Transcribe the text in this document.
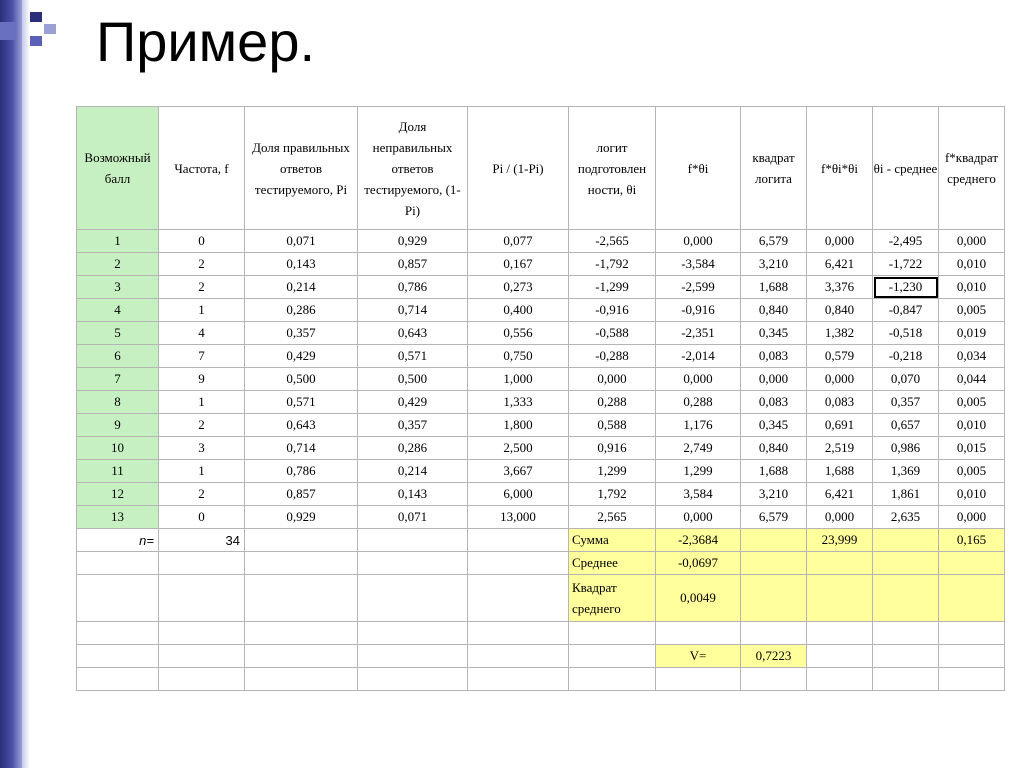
Пример.
Возможный балл	Частота, f	Доля правильных ответов тестируемого, Pi	Доля неправильных ответов тестируемого, (1-Pi)	Pi / (1-Pi)	логит подготовлен ности, θi	f*θi	квадрат логита	f*θi*θi	θi - среднее	f*квадрат среднего
1	0	0,071	0,929	0,077	-2,565	0,000	6,579	0,000	-2,495	0,000
2	2	0,143	0,857	0,167	-1,792	-3,584	3,210	6,421	-1,722	0,010
3	2	0,214	0,786	0,273	-1,299	-2,599	1,688	3,376	-1,230	0,010
4	1	0,286	0,714	0,400	-0,916	-0,916	0,840	0,840	-0,847	0,005
5	4	0,357	0,643	0,556	-0,588	-2,351	0,345	1,382	-0,518	0,019
6	7	0,429	0,571	0,750	-0,288	-2,014	0,083	0,579	-0,218	0,034
7	9	0,500	0,500	1,000	0,000	0,000	0,000	0,000	0,070	0,044
8	1	0,571	0,429	1,333	0,288	0,288	0,083	0,083	0,357	0,005
9	2	0,643	0,357	1,800	0,588	1,176	0,345	0,691	0,657	0,010
10	3	0,714	0,286	2,500	0,916	2,749	0,840	2,519	0,986	0,015
11	1	0,786	0,214	3,667	1,299	1,299	1,688	1,688	1,369	0,005
12	2	0,857	0,143	6,000	1,792	3,584	3,210	6,421	1,861	0,010
13	0	0,929	0,071	13,000	2,565	0,000	6,579	0,000	2,635	0,000
n=	34				Сумма	-2,3684		23,999		0,165
					Среднее	-0,0697				
					Квадрат среднего	0,0049				

						V=	0,7223			
